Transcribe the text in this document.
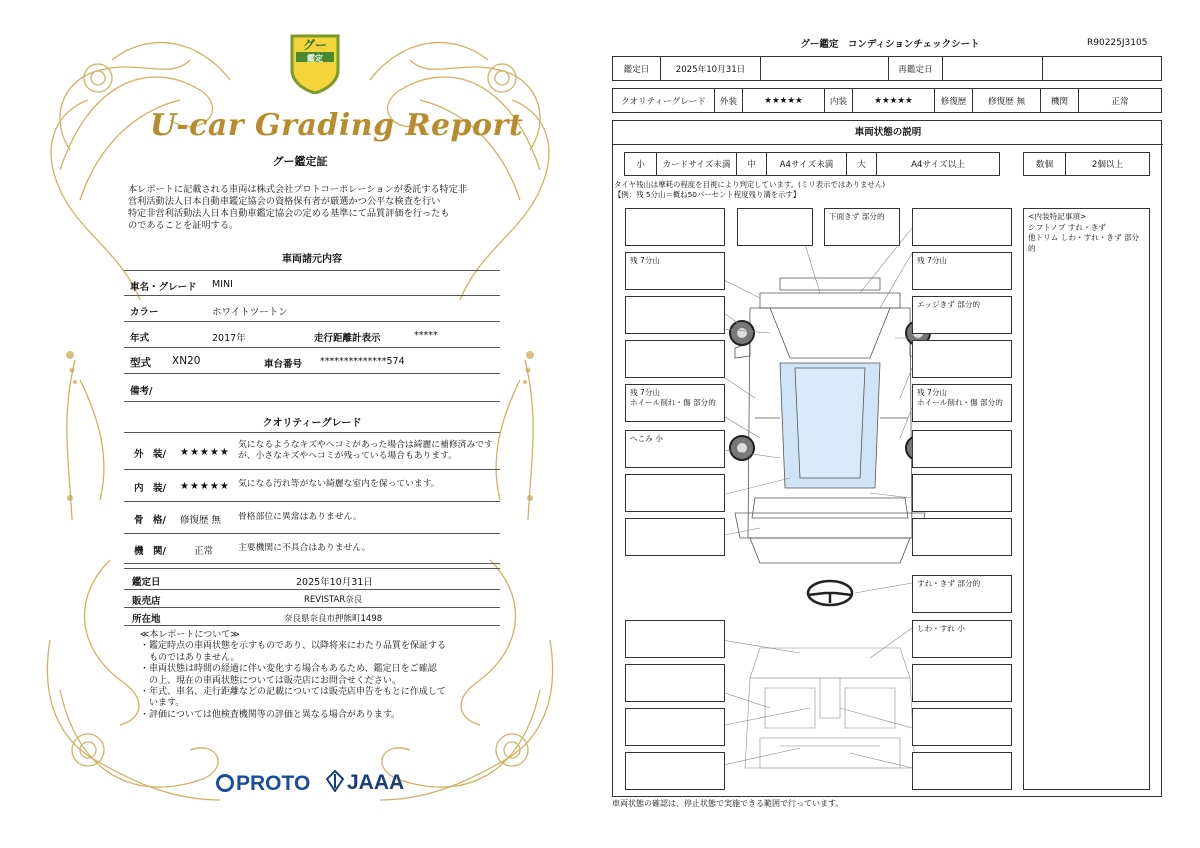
グー
鑑定
U-car Grading Report
グー鑑定証
本レポートに記載される車両は株式会社プロトコーポレーションが委託する特定非
営利活動法人日本自動車鑑定協会の資格保有者が厳選かつ公平な検査を行い
特定非営利活動法人日本自動車鑑定協会の定める基準にて品質評価を行ったも
のであることを証明する。
車両諸元内容
車名・グレード MINI
カラー	ホワイトツートン
年式	2017年	走行距離計表示	*****
型式 XN20	車台番号 **************574
備考/
クオリティーグレード
外　装/ ★★★★★
気になるようなキズやヘコミがあった場合は綺麗に補修済みですが、小さなキズやヘコミが残っている場合もあります。
内　装/ ★★★★★ 気になる汚れ等がない綺麗な室内を保っています。
骨　格/ 修復歴 無 骨格部位に異常はありません。
機　関/	正常	主要機関に不具合はありません。
鑑定日	2025年10月31日
販売店	REVISTAR奈良
所在地	奈良県奈良市押熊町1498
≪本レポートについて≫
・鑑定時点の車両状態を示すものであり、以降将来にわたり品質を保証する
　ものではありません。
・車両状態は時間の経過に伴い変化する場合もあるため、鑑定日をご確認
　の上、現在の車両状態については販売店にお問合せください。
・年式、車名、走行距離などの記載については販売店申告をもとに作成して
　います。
・評価については他検査機関等の評価と異なる場合があります。
PROTO	JAAA
グー鑑定　コンディションチェックシート	R90225J3105
鑑定日	2025年10月31日		再鑑定日		
クオリティーグレード	外装	★★★★★	内装	★★★★★	修復歴	修復歴 無	機関	正常
車両状態の説明
小	カードサイズ未満	中	A4サイズ未満	大	A4サイズ以上	数個	2個以上
タイヤ残山は摩耗の程度を目視により判定しています。(ミリ表示ではありません)
【例：残 5分山＝概ね50パーセント程度残り溝を示す】
残 7分山
残 7分山
ホイール削れ・傷 部分的
へこみ 小
下面きず 部分的
残 7分山
エッジきず 部分的
残 7分山
ホイール削れ・傷 部分的
すれ・きず 部分的
しわ・すれ 小
<内装特記事項>
シフトノブ すれ・きず
他トリム しわ・すれ・きず 部分的
車両状態の確認は、停止状態で実施できる範囲で行っています。
